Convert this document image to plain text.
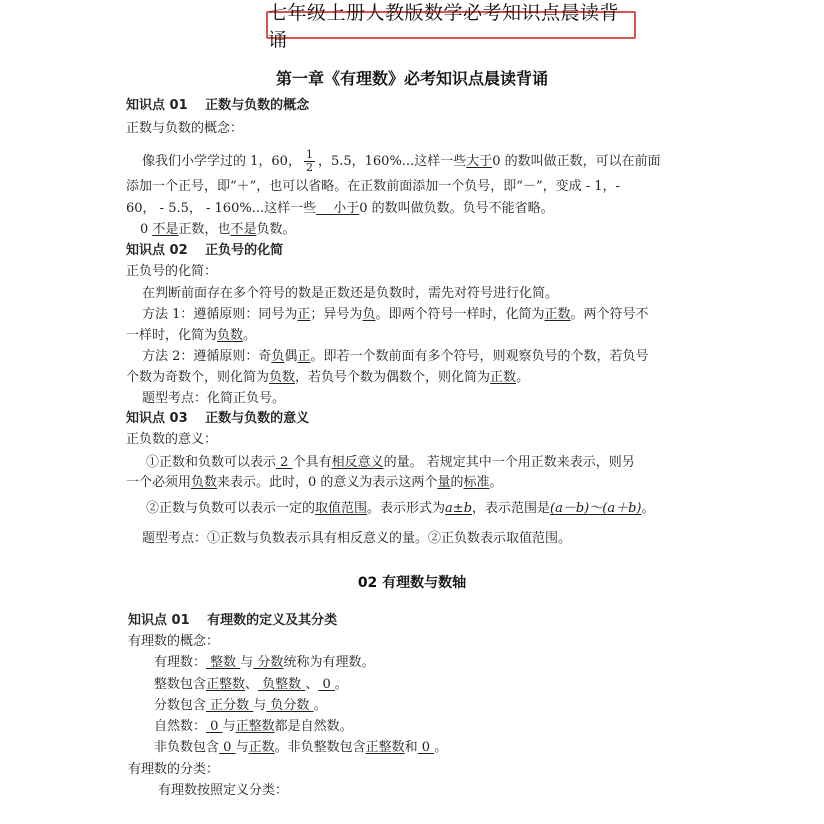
七年级上册人教版数学必考知识点晨读背诵
第一章《有理数》必考知识点晨读背诵
知识点 01　 正数与负数的概念
正数与负数的概念：
像我们小学学过的 1，60， $\frac{1}{2}$ ，5.5，160%...这样一些大于0 的数叫做正数，可以在前面
添加一个正号，即“＋”，也可以省略。在正数前面添加一个负号，即“－”，变成 - 1，-
60， - 5.5， - 160%...这样一些　 小于0 的数叫做负数。负号不能省略。
0 不是正数，也不是负数。
知识点 02　 正负号的化简
正负号的化简：
在判断前面存在多个符号的数是正数还是负数时，需先对符号进行化简。
方法 1：遵循原则：同号为正；异号为负。即两个符号一样时，化简为正数。两个符号不
一样时，化简为负数。
方法 2：遵循原则：奇负偶正。即若一个数前面有多个符号，则观察负号的个数，若负号
个数为奇数个，则化简为负数，若负号个数为偶数个，则化简为正数。
题型考点：化简正负号。
知识点 03　 正数与负数的意义
正负数的意义：
①正数和负数可以表示 2 个具有相反意义的量。 若规定其中一个用正数来表示，则另
一个必须用负数来表示。此时，0 的意义为表示这两个量的标准。
②正数与负数可以表示一定的取值范围。表示形式为a±b，表示范围是(a－b)～(a＋b)。
题型考点：①正数与负数表示具有相反意义的量。②正负数表示取值范围。
02 有理数与数轴
知识点 01　 有理数的定义及其分类
有理数的概念：
有理数： 整数 与 分数统称为有理数。
整数包含正整数、 负整数 、 0 。
分数包含 正分数 与 负分数 。
自然数： 0 与正整数都是自然数。
非负数包含 0 与正数。非负整数包含正整数和 0 。
有理数的分类：
有理数按照定义分类：
